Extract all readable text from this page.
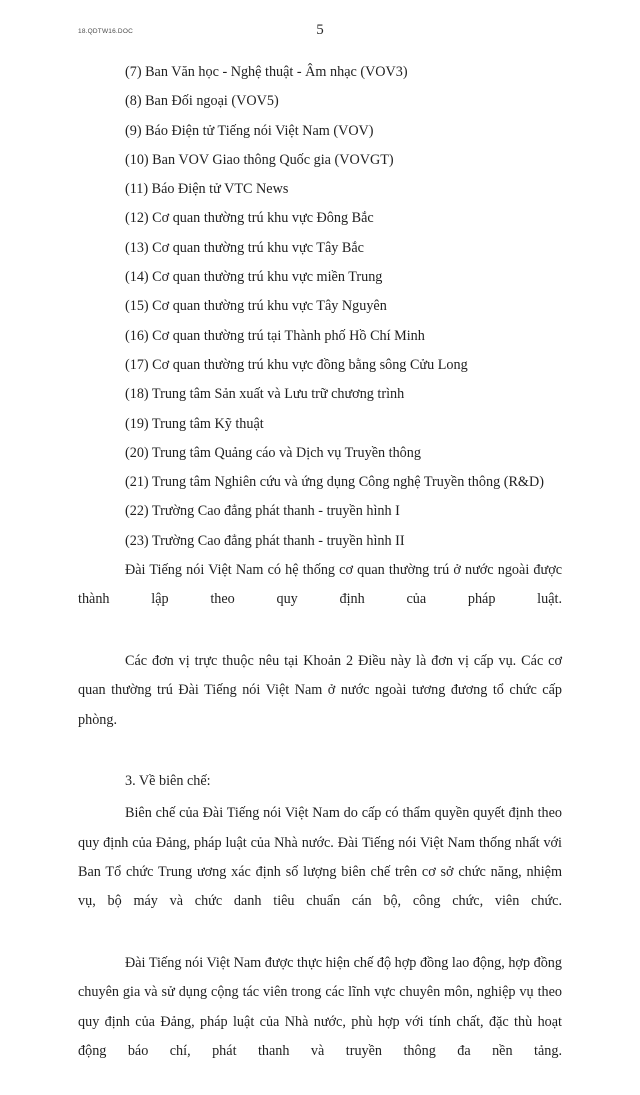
18.QDTW16.DOC	5
(7) Ban Văn học - Nghệ thuật - Âm nhạc (VOV3)
(8) Ban Đối ngoại (VOV5)
(9) Báo Điện tử Tiếng nói Việt Nam (VOV)
(10) Ban VOV Giao thông Quốc gia (VOVGT)
(11) Báo Điện tử VTC News
(12) Cơ quan thường trú khu vực Đông Bắc
(13) Cơ quan thường trú khu vực Tây Bắc
(14) Cơ quan thường trú khu vực miền Trung
(15) Cơ quan thường trú khu vực Tây Nguyên
(16) Cơ quan thường trú tại Thành phố Hồ Chí Minh
(17) Cơ quan thường trú khu vực đồng bằng sông Cửu Long
(18) Trung tâm Sản xuất và Lưu trữ chương trình
(19) Trung tâm Kỹ thuật
(20) Trung tâm Quảng cáo và Dịch vụ Truyền thông
(21) Trung tâm Nghiên cứu và ứng dụng Công nghệ Truyền thông (R&D)
(22) Trường Cao đẳng phát thanh - truyền hình I
(23) Trường Cao đẳng phát thanh - truyền hình II

Đài Tiếng nói Việt Nam có hệ thống cơ quan thường trú ở nước ngoài được thành lập theo quy định của pháp luật.

Các đơn vị trực thuộc nêu tại Khoản 2 Điều này là đơn vị cấp vụ. Các cơ quan thường trú Đài Tiếng nói Việt Nam ở nước ngoài tương đương tổ chức cấp phòng.

3. Về biên chế:

Biên chế của Đài Tiếng nói Việt Nam do cấp có thẩm quyền quyết định theo quy định của Đảng, pháp luật của Nhà nước. Đài Tiếng nói Việt Nam thống nhất với Ban Tổ chức Trung ương xác định số lượng biên chế trên cơ sở chức năng, nhiệm vụ, bộ máy và chức danh tiêu chuẩn cán bộ, công chức, viên chức.

Đài Tiếng nói Việt Nam được thực hiện chế độ hợp đồng lao động, hợp đồng chuyên gia và sử dụng cộng tác viên trong các lĩnh vực chuyên môn, nghiệp vụ theo quy định của Đảng, pháp luật của Nhà nước, phù hợp với tính chất, đặc thù hoạt động báo chí, phát thanh và truyền thông đa nền tảng.
